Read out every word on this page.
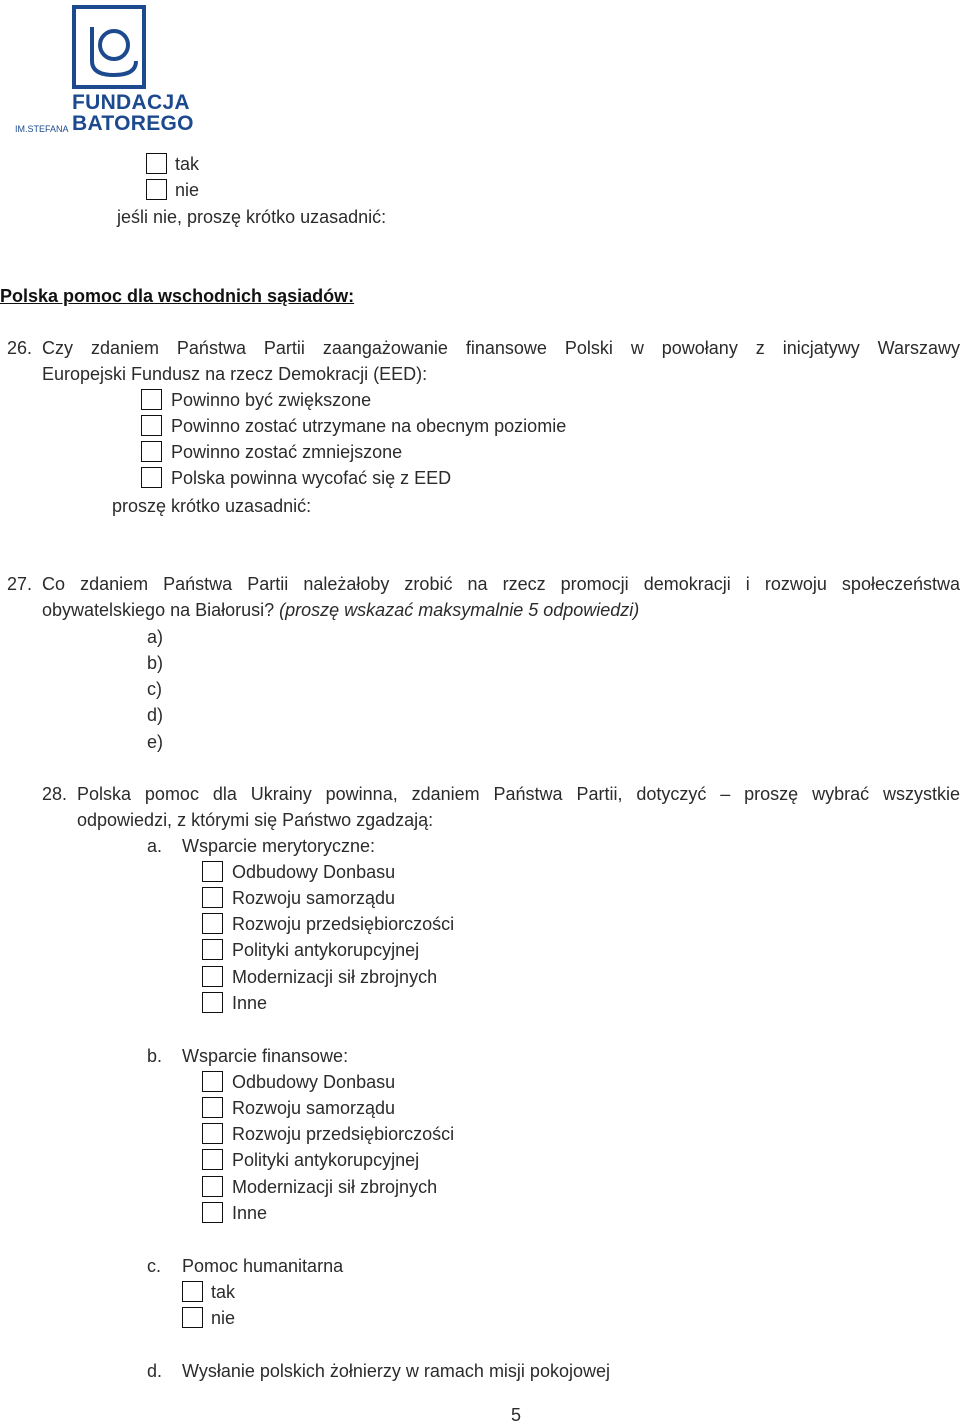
FUNDACJA
IM.STEFANA BATOREGO
tak
nie
jeśli nie, proszę krótko uzasadnić:
Polska pomoc dla wschodnich sąsiadów:
26. Czy zdaniem Państwa Partii zaangażowanie finansowe Polski w powołany z inicjatywy Warszawy
Europejski Fundusz na rzecz Demokracji (EED):
Powinno być zwiększone
Powinno zostać utrzymane na obecnym poziomie
Powinno zostać zmniejszone
Polska powinna wycofać się z EED
proszę krótko uzasadnić:
27. Co zdaniem Państwa Partii należałoby zrobić na rzecz promocji demokracji i rozwoju społeczeństwa
obywatelskiego na Białorusi? (proszę wskazać maksymalnie 5 odpowiedzi)
a)
b)
c)
d)
e)
28. Polska pomoc dla Ukrainy powinna, zdaniem Państwa Partii, dotyczyć – proszę wybrać wszystkie
odpowiedzi, z którymi się Państwo zgadzają:
a. Wsparcie merytoryczne:
Odbudowy Donbasu
Rozwoju samorządu
Rozwoju przedsiębiorczości
Polityki antykorupcyjnej
Modernizacji sił zbrojnych
Inne
b. Wsparcie finansowe:
Odbudowy Donbasu
Rozwoju samorządu
Rozwoju przedsiębiorczości
Polityki antykorupcyjnej
Modernizacji sił zbrojnych
Inne
c. Pomoc humanitarna
tak
nie
d. Wysłanie polskich żołnierzy w ramach misji pokojowej
5
